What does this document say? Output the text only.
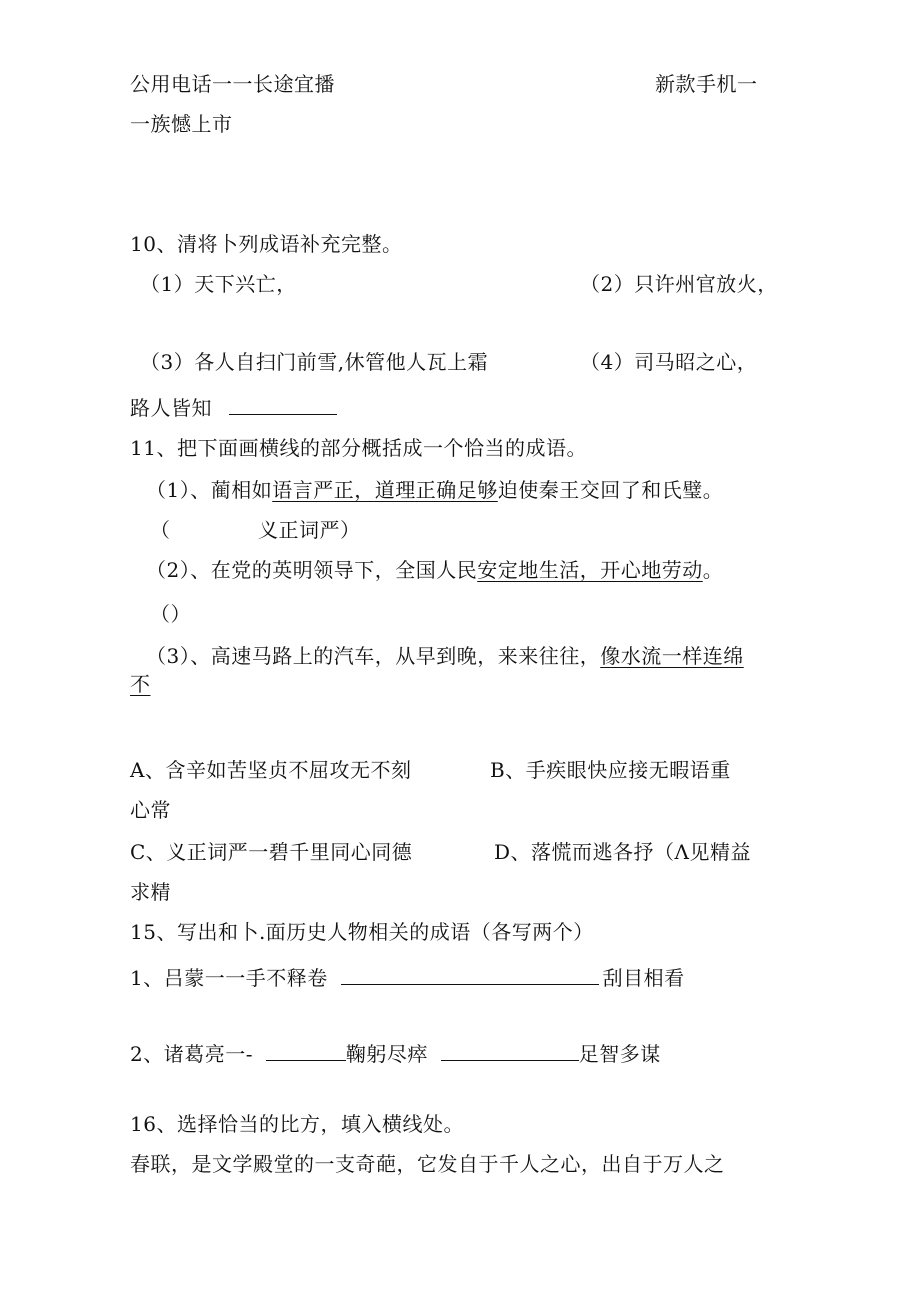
公用电话一一长途宜播	新款手机一
一族憾上市
10、清将卜列成语补充完整。
（1）天下兴亡，	（2）只许州官放火，
（3）各人自扫门前雪,休管他人瓦上霜	（4）司马昭之心，
路人皆知
11、把下面画横线的部分概括成一个恰当的成语。
（1）、蔺相如语言严正，道理正确足够迫使秦王交回了和氏璧。
（	义正词严）
（2）、在党的英明领导下，全国人民安定地生活，开心地劳动。
（）
（3）、高速马路上的汽车，从早到晚，来来往往，像水流一样连绵
不
A、含辛如苦坚贞不屈攻无不刻	B、手疾眼快应接无暇语重
心常
C、义正词严一碧千里同心同德	D、落慌而逃各抒（Λ见精益
求精
15、写出和卜.面历史人物相关的成语（各写两个）
1、吕蒙一一手不释卷	刮目相看
2、诸葛亮一-	鞠躬尽瘁	足智多谋
16、选择恰当的比方，填入横线处。
春联，是文学殿堂的一支奇葩，它发自于千人之心，出自于万人之
